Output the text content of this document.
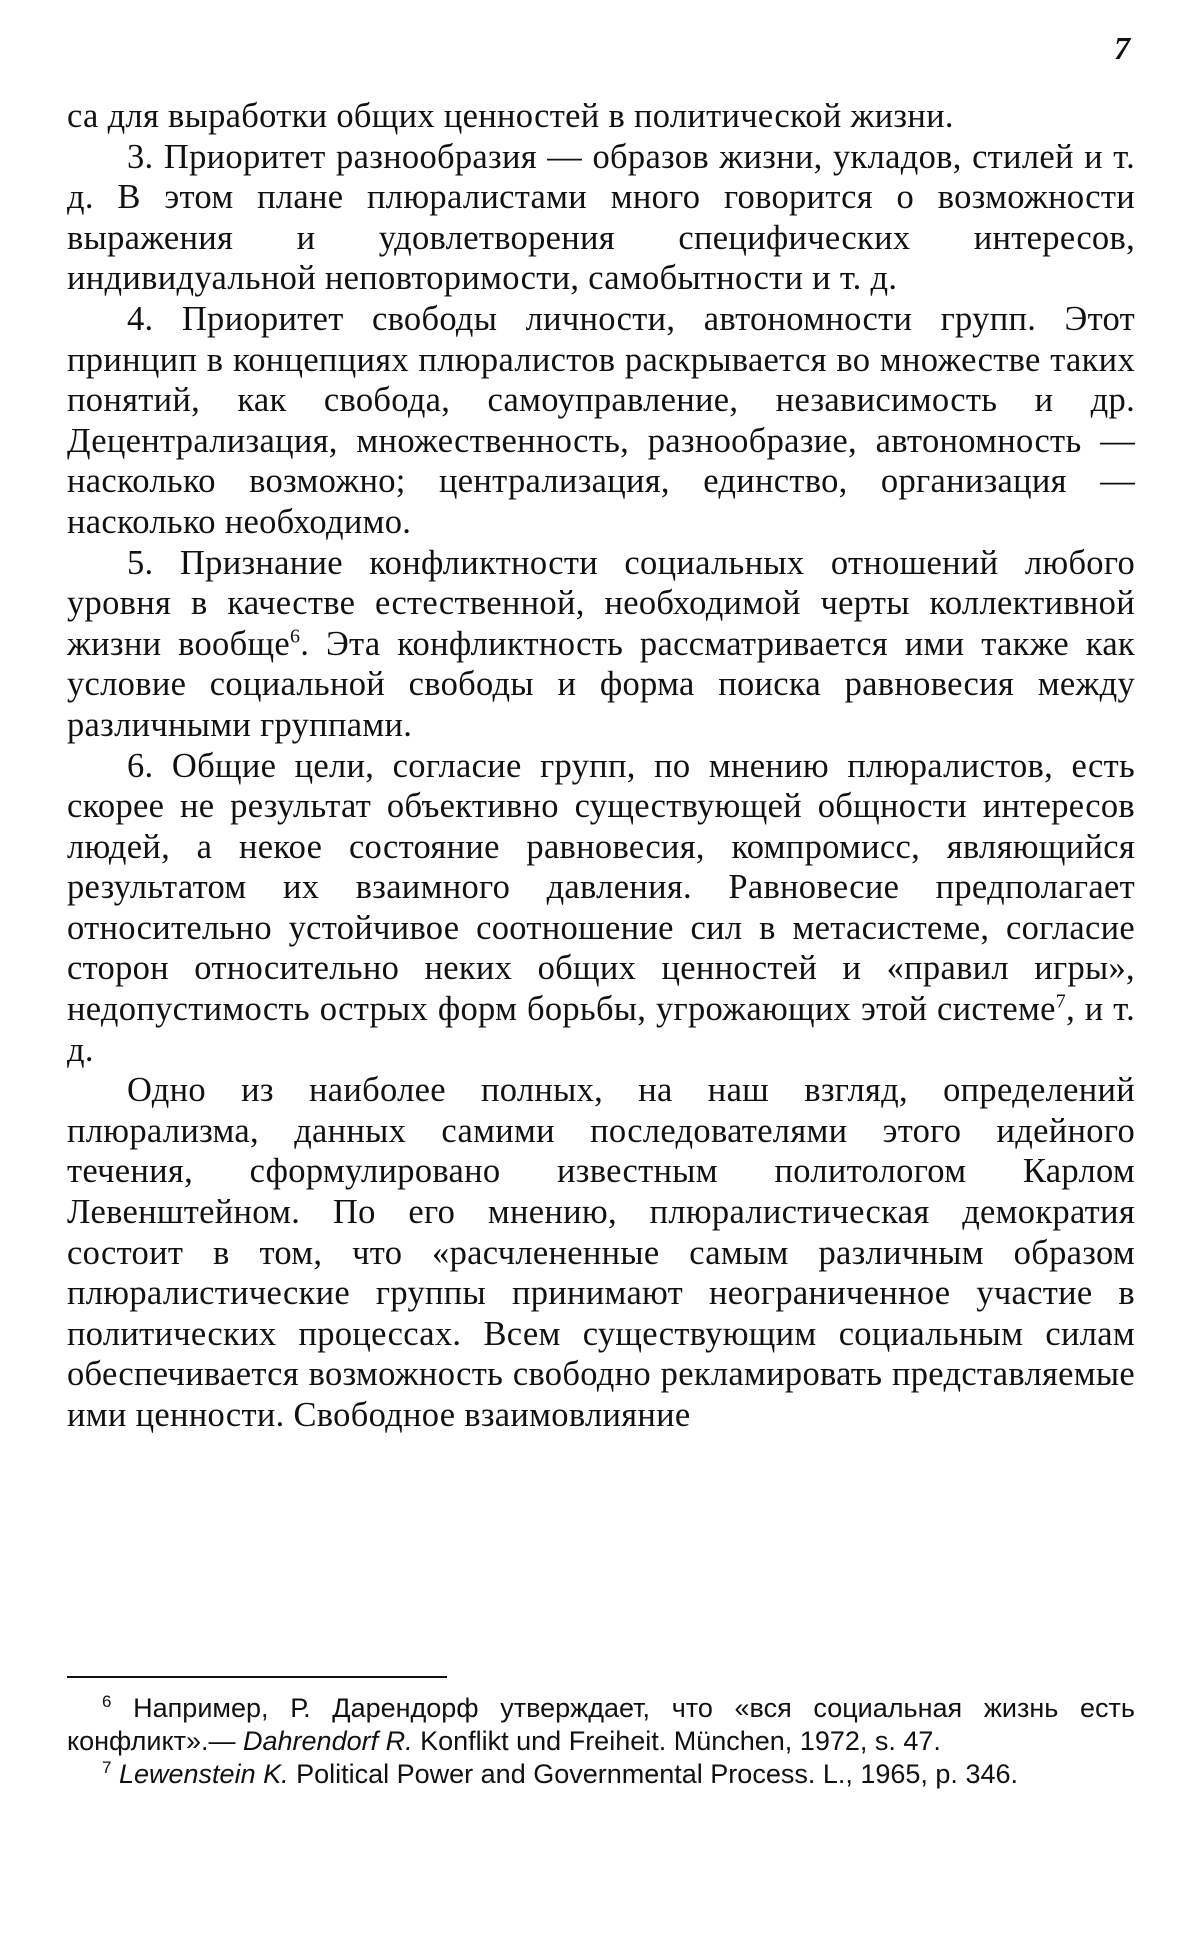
7

са для выработки общих ценностей в политической жизни.

3. Приоритет разнообразия — образов жизни, укладов, стилей и т. д. В этом плане плюралистами много говорится о возможности выражения и удовлетворения специфических интересов, индивидуальной неповторимости, самобытности и т. д.

4. Приоритет свободы личности, автономности групп. Этот принцип в концепциях плюралистов раскрывается во множестве таких понятий, как свобода, самоуправление, независимость и др. Децентрализация, множественность, разнообразие, автономность — насколько возможно; централизация, единство, организация — насколько необходимо.

5. Признание конфликтности социальных отношений любого уровня в качестве естественной, необходимой черты коллективной жизни вообще$^6$. Эта конфликтность рассматривается ими также как условие социальной свободы и форма поиска равновесия между различными группами.

6. Общие цели, согласие групп, по мнению плюралистов, есть скорее не результат объективно существующей общности интересов людей, а некое состояние равновесия, компромисс, являющийся результатом их взаимного давления. Равновесие предполагает относительно устойчивое соотношение сил в метасистеме, согласие сторон относительно неких общих ценностей и «правил игры», недопустимость острых форм борьбы, угрожающих этой системе$^7$, и т. д.

Одно из наиболее полных, на наш взгляд, определений плюрализма, данных самими последователями этого идейного течения, сформулировано известным политологом Карлом Левенштейном. По его мнению, плюралистическая демократия состоит в том, что «расчлененные самым различным образом плюралистические группы принимают неограниченное участие в политических процессах. Всем существующим социальным силам обеспечивается возможность свободно рекламировать представляемые ими ценности. Свободное взаимовлияние

$^6$ Например, Р. Дарендорф утверждает, что «вся социальная жизнь есть конфликт».— Dahrendorf R. Konflikt und Freiheit. München, 1972, s. 47.

$^7$ Lewenstein K. Political Power and Governmental Process. L., 1965, p. 346.
